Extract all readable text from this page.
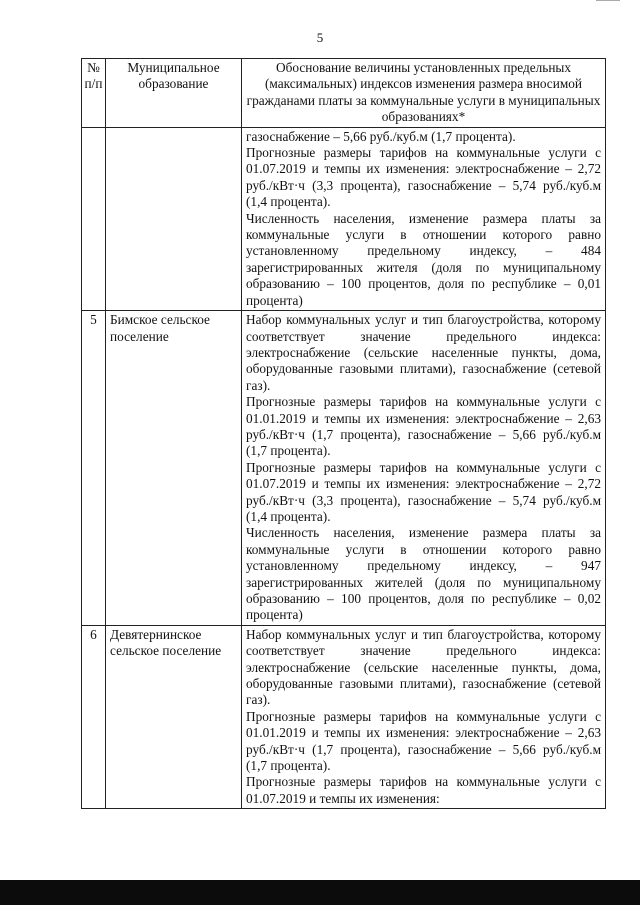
5
№
п/п	Муниципальное образование	Обоснование величины установленных предельных (максимальных) индексов изменения размера вносимой гражданами платы за коммунальные услуги в муниципальных образованиях*

		газоснабжение – 5,66 руб./куб.м (1,7 процента).

Прогнозные размеры тарифов на коммунальные услуги с 01.07.2019 и темпы их изменения: электроснабжение – 2,72 руб./кВт·ч (3,3 процента), газоснабжение – 5,74 руб./куб.м (1,4 процента).

Численность населения, изменение размера платы за коммунальные услуги в отношении которого равно установленному предельному индексу, – 484 зарегистрированных жителя (доля по муниципальному образованию – 100 процентов, доля по республике – 0,01 процента)

5	Бимское сельское поселение	Набор коммунальных услуг и тип благоустройства, которому соответствует значение предельного индекса: электроснабжение (сельские населенные пункты, дома, оборудованные газовыми плитами), газоснабжение (сетевой газ).

Прогнозные размеры тарифов на коммунальные услуги с 01.01.2019 и темпы их изменения: электроснабжение – 2,63 руб./кВт·ч (1,7 процента), газоснабжение – 5,66 руб./куб.м (1,7 процента).

Прогнозные размеры тарифов на коммунальные услуги с 01.07.2019 и темпы их изменения: электроснабжение – 2,72 руб./кВт·ч (3,3 процента), газоснабжение – 5,74 руб./куб.м (1,4 процента).

Численность населения, изменение размера платы за коммунальные услуги в отношении которого равно установленному предельному индексу, – 947 зарегистрированных жителей (доля по муниципальному образованию – 100 процентов, доля по республике – 0,02 процента)

6	Девятернинское сельское поселение	Набор коммунальных услуг и тип благоустройства, которому соответствует значение предельного индекса: электроснабжение (сельские населенные пункты, дома, оборудованные газовыми плитами), газоснабжение (сетевой газ).

Прогнозные размеры тарифов на коммунальные услуги с 01.01.2019 и темпы их изменения: электроснабжение – 2,63 руб./кВт·ч (1,7 процента), газоснабжение – 5,66 руб./куб.м (1,7 процента).

Прогнозные размеры тарифов на коммунальные услуги с 01.07.2019 и темпы их изменения:
